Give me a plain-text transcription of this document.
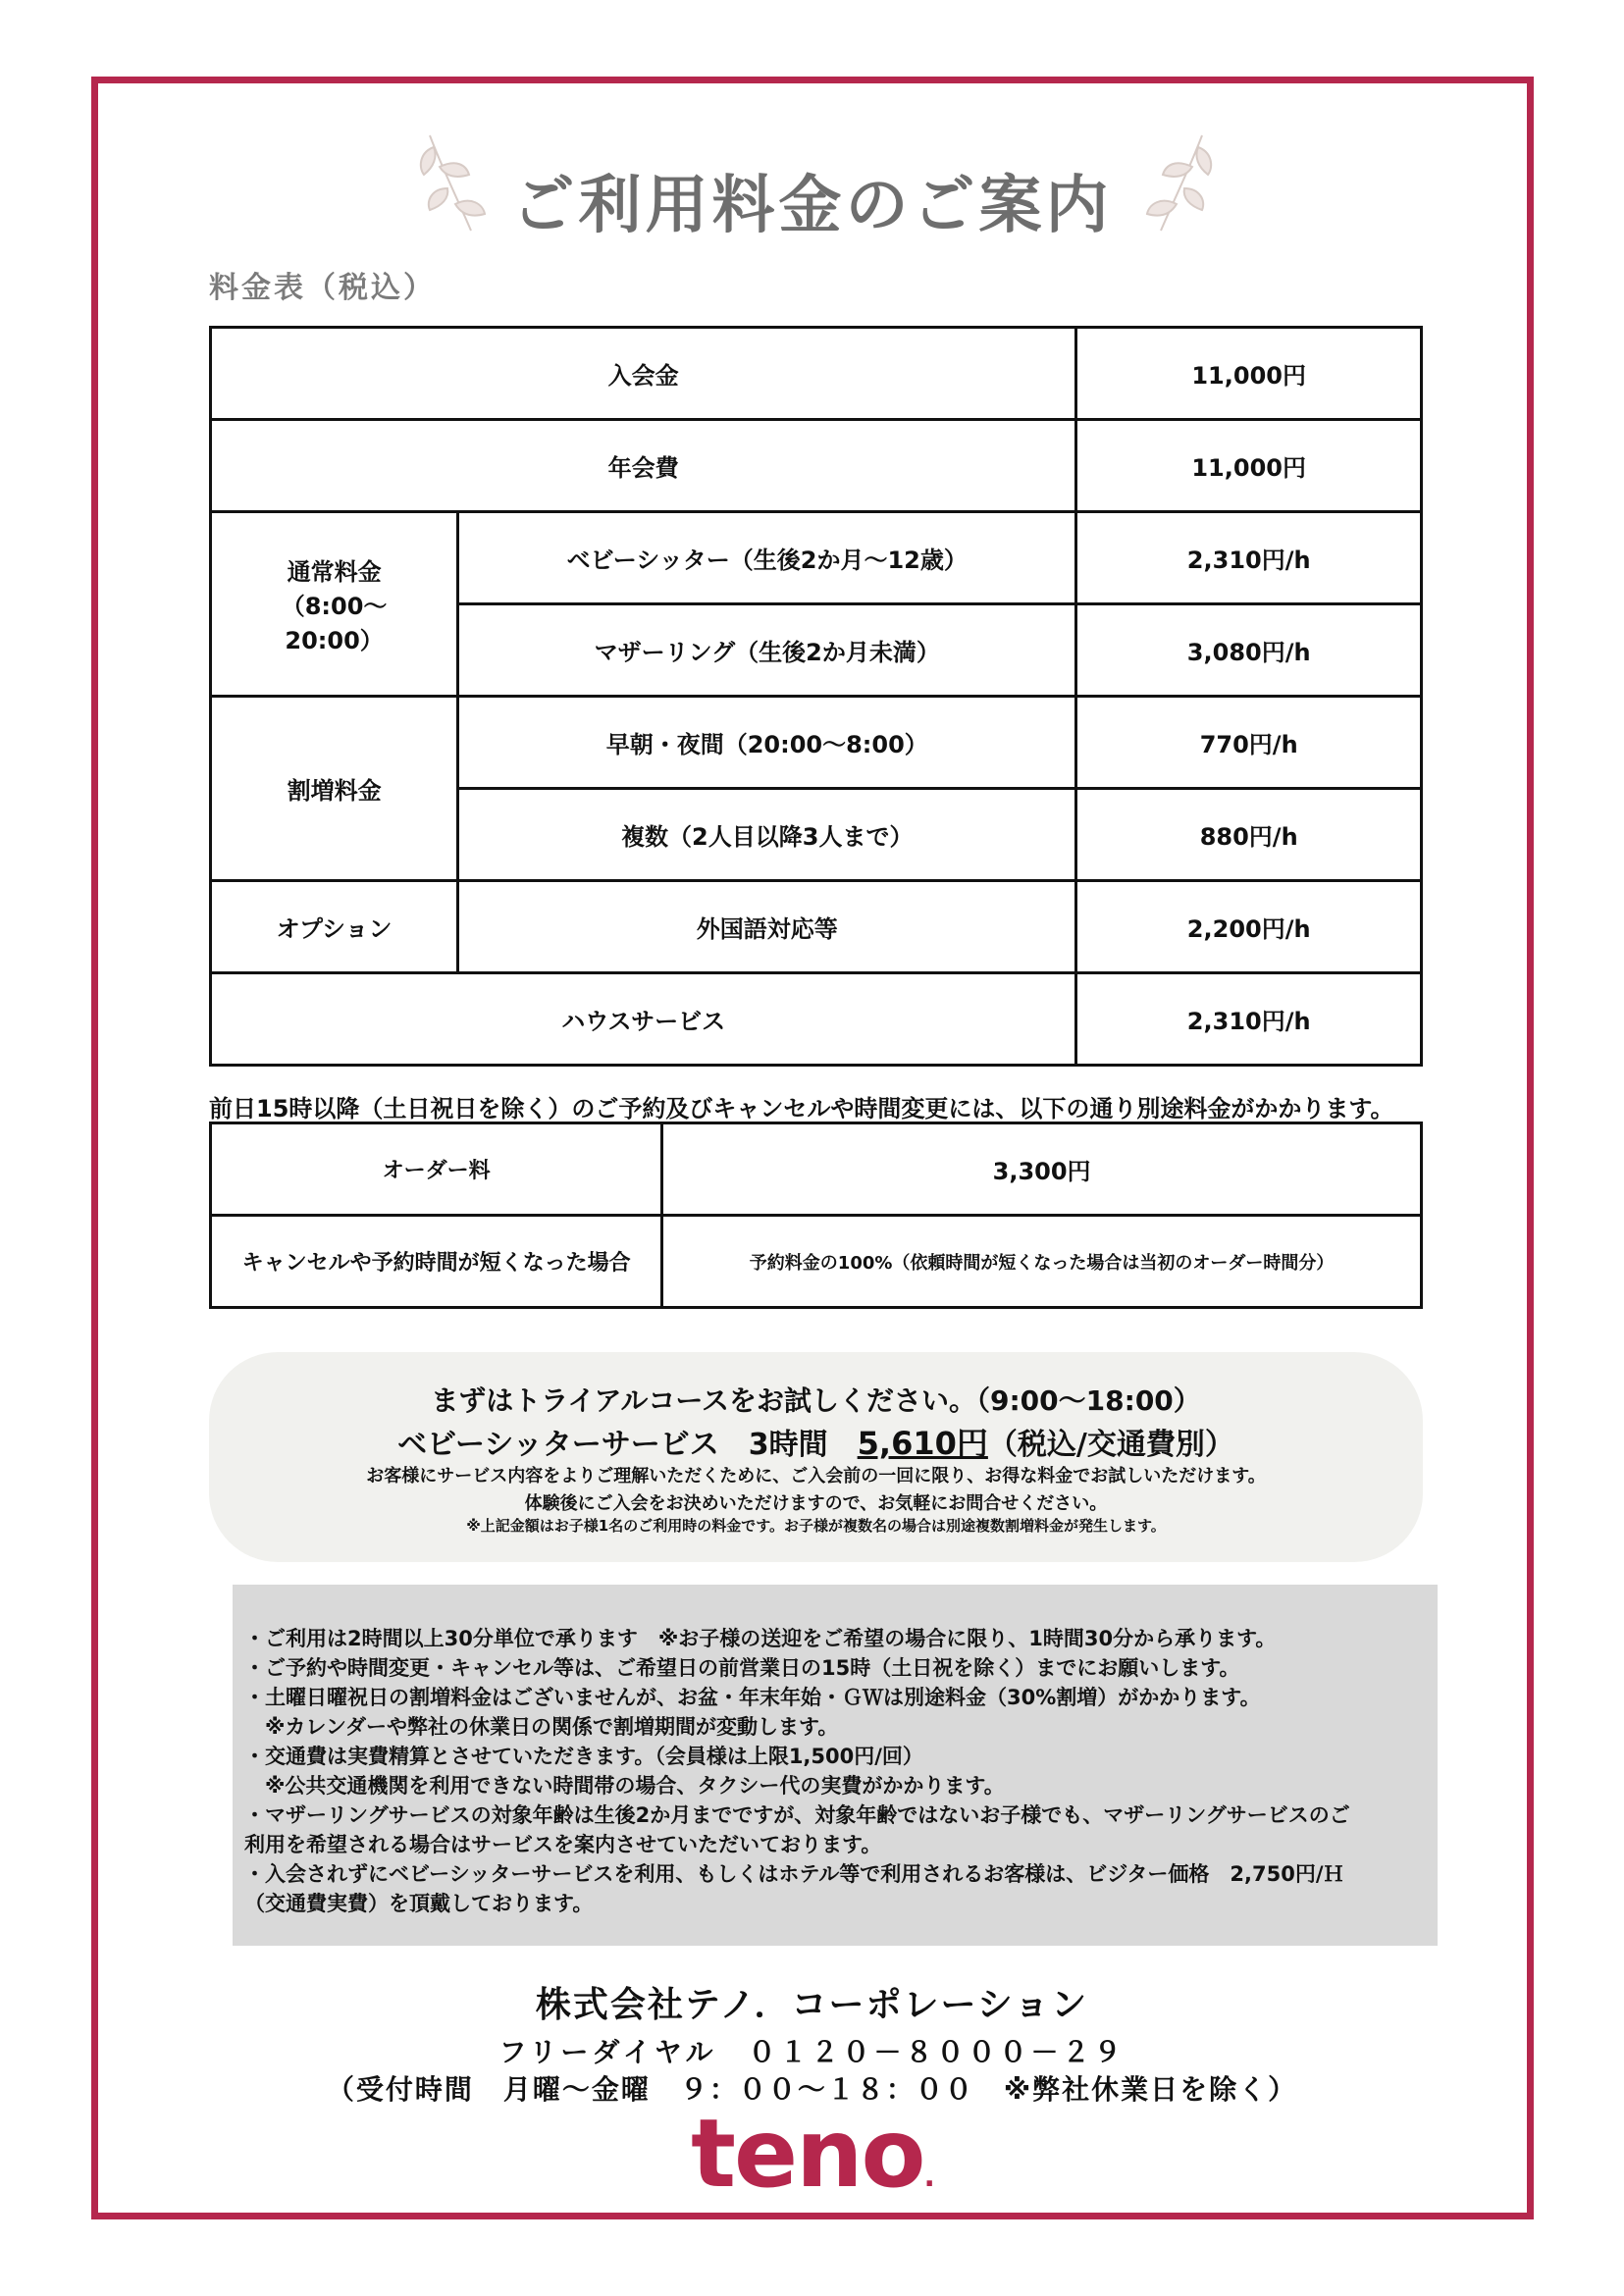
ご利用料金のご案内
料金表（税込）
入会金		11,000円
年会費		11,000円

通常料金
（8:00～
20:00）	ベビーシッター（生後2か月～12歳）	2,310円/h
	マザーリング（生後2か月未満）	3,080円/h
割増料金	早朝・夜間（20:00～8:00）	770円/h
	複数（2人目以降3人まで）	880円/h
オプション	外国語対応等	2,200円/h
ハウスサービス		2,310円/h
前日15時以降（土日祝日を除く）のご予約及びキャンセルや時間変更には、以下の通り別途料金がかかります。
オーダー料	3,300円
キャンセルや予約時間が短くなった場合	予約料金の100%（依頼時間が短くなった場合は当初のオーダー時間分）
まずはトライアルコースをお試しください。（9:00～18:00）
ベビーシッターサービス　3時間　5,610円（税込/交通費別）
お客様にサービス内容をよりご理解いただくために、ご入会前の一回に限り、お得な料金でお試しいただけます。
体験後にご入会をお決めいただけますので、お気軽にお問合せください。
※上記金額はお子様1名のご利用時の料金です。お子様が複数名の場合は別途複数割増料金が発生します。
・ご利用は2時間以上30分単位で承ります　※お子様の送迎をご希望の場合に限り、1時間30分から承ります。
・ご予約や時間変更・キャンセル等は、ご希望日の前営業日の15時（土日祝を除く）までにお願いします。
・土曜日曜祝日の割増料金はございませんが、お盆・年末年始・ＧＷは別途料金（30%割増）がかかります。
　※カレンダーや弊社の休業日の関係で割増期間が変動します。
・交通費は実費精算とさせていただきます。（会員様は上限1,500円/回）
　※公共交通機関を利用できない時間帯の場合、タクシー代の実費がかかります。
・マザーリングサービスの対象年齢は生後2か月までですが、対象年齢ではないお子様でも、マザーリングサービスのご
利用を希望される場合はサービスを案内させていただいております。
・入会されずにベビーシッターサービスを利用、もしくはホテル等で利用されるお客様は、ビジター価格　2,750円/Ｈ
（交通費実費）を頂戴しております。
株式会社テノ．コーポレーション
フリーダイヤル　０１２０－８０００－２９
（受付時間　月曜～金曜　９：００～１８：００　※弊社休業日を除く）
teno.
